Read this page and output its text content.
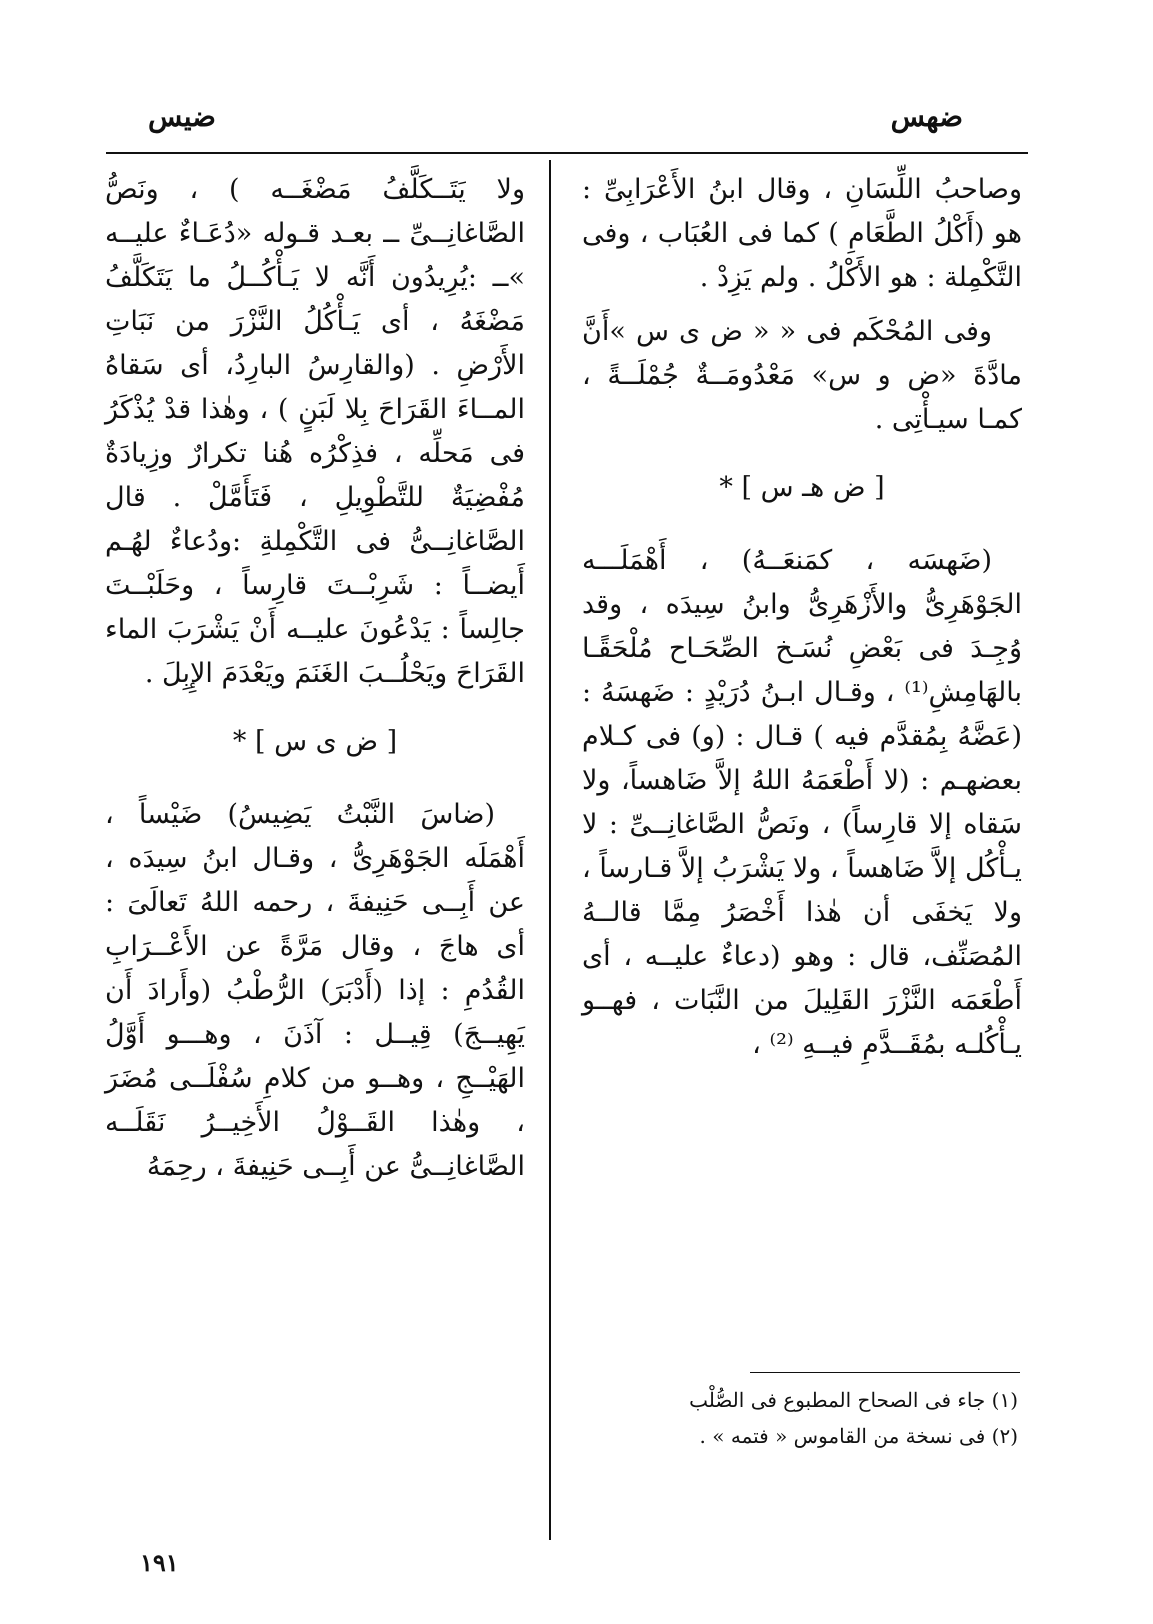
ضيس	ضهس

وصاحبُ اللِّسَانِ ، وقال ابنُ الأَعْرَابِىِّ : هو (أَكْلُ الطَّعَامِ ) كما فى العُبَاب ، وفى التَّكْمِلة : هو الأَكْلُ . ولم يَزِدْ .

وفى المُحْكَم فى « « ض ى س »أَنَّ مادَّةَ «ض و س» مَعْدُومَــةٌ جُمْلَــةً ، كمـا سيـأْتِى .

[ ض هـ س ] *

(ضَهسَه ، كمَنعَــهُ) ، أَهْمَلَـــه الجَوْهَرِىُّ والأَزْهَرِىُّ وابنُ سِيدَه ، وقد وُجِـدَ فى بَعْضِ نُسَـخ الصِّحَـاح مُلْحَقًـا بالهَامِشِ⁽¹⁾ ، وقـال ابـنُ دُرَيْدٍ : ضَهسَهُ :(عَضَّهُ بِمُقدَّم فيه ) قـال : (و) فى كـلام بعضهـم : (لا أَطْعَمَهُ اللهُ إلاَّ ضَاهساً، ولا سَقاه إلا قارِساً) ، ونَصُّ الصَّاغانِــىِّ : لا يـأْكُل إلاَّ ضَاهساً ، ولا يَشْرَبُ إلاَّ قـارساً ، ولا يَخفَى أن هٰذا أَخْصَرُ مِمَّا قالــهُ المُصَنِّف، قال : وهو (دعاءٌ عليــه ، أى أَطْعَمَه النَّزْرَ القَلِيلَ من النَّبَات ، فهــو يـأْكُلـه بمُقَــدَّمِ فيــهِ ⁽²⁾ ،

ولا يَتَــكَلَّفُ مَضْغَــه ) ، ونَصُّ الصَّاغانِــىِّ ــ بعـد قـوله «دُعَـاءٌ عليــه »ــ :يُرِيدُون أَنَّه لا يَـأْكُــلُ ما يَتَكَلَّفُ مَضْغَهُ ، أى يَـأْكُلُ النَّزْرَ من نَبَاتِ الأَرْضِ . (والقارِسُ البارِدُ، أى سَقاهُ المــاءَ القَرَاحَ بِلا لَبَنٍ ) ، وهٰذا قدْ يُذْكَرُ فى مَحلِّه ، فذِكْرُه هُنا تكرارٌ وزِيادَةٌ مُفْضِيَةٌ للتَّطْوِيلِ ، فَتَأَمَّلْ . قال الصَّاغانِــىُّ فى التَّكْمِلةِ :ودُعاءٌ لهُـم أَيضــاً : شَرِبْــتَ قارِساً ، وحَلَبْــتَ جالِساً : يَدْعُونَ عليــه أَنْ يَشْرَبَ الماء القَرَاحَ ويَحْلُــبَ الغَنَمَ ويَعْدَمَ الإِبِلَ .

[ ض ى س ] *

(ضاسَ النَّبْتُ يَضِيسُ) ضَيْساً ، أَهْمَلَه الجَوْهَرِىُّ ، وقـال ابنُ سِيدَه ، عن أَبِــى حَنِيفةَ ، رحمه اللهُ تَعالَىَ : أى هاجَ ، وقال مَرَّةً عن الأَعْــرَابِ القُدُمِ : إذا (أَدْبَرَ) الرُّطْبُ (وأَرادَ أَن يَهِيــجَ) قِيــل : آذَنَ ، وهـــو أَوَّلُ الهَيْــجِ ، وهــو من كلامِ سُفْلَــى مُضَرَ ، وهٰذا القَــوْلُ الأَخِيــرُ نَقَلَــه الصَّاغانِــىُّ عن أَبِــى حَنِيفةَ ، رحِمَهُ

(١) جاء فى الصحاح المطبوع فى الصُّلْب

(٢) فى نسخة من القاموس « فتمه » .

١٩١
